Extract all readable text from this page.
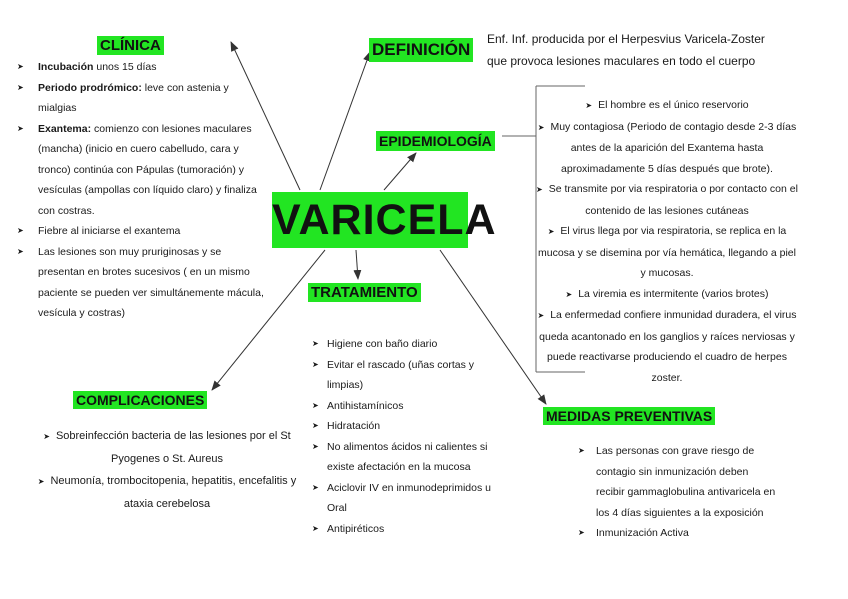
VARICELA
DEFINICIÓN
Enf. Inf. producida por el Herpesvius Varicela-Zoster que provoca lesiones maculares en todo el cuerpo
CLÍNICA
➤ Incubación unos 15 días
➤ Periodo prodrómico: leve con astenia y mialgias
➤ Exantema: comienzo con lesiones maculares (mancha) (inicio en cuero cabelludo, cara y tronco) continúa con Pápulas (tumoración) y vesículas (ampollas con líquido claro) y finaliza con costras.
➤ Fiebre al iniciarse el exantema
➤ Las lesiones son muy pruriginosas y se presentan en brotes sucesivos ( en un mismo paciente se pueden ver simultánemente mácula, vesícula y costras)
EPIDEMIOLOGÍA
➤ El hombre es el único reservorio
➤ Muy contagiosa (Periodo de contagio desde 2-3 días antes de la aparición del Exantema hasta aproximadamente 5 días después que brote).
➤ Se transmite por via respiratoria o por contacto con el contenido de las lesiones cutáneas
➤ El virus llega por via respiratoria, se replica en la mucosa y se disemina por vía hemática, llegando a piel y mucosas.
➤ La viremia es intermitente (varios brotes)
➤ La enfermedad confiere inmunidad duradera, el virus queda acantonado en los ganglios y raíces nerviosas y puede reactivarse produciendo el cuadro de herpes zoster.
TRATAMIENTO
➤ Higiene con baño diario
➤ Evitar el rascado (uñas cortas y limpias)
➤ Antihistamínicos
➤ Hidratación
➤ No alimentos ácidos ni calientes si existe afectación en la mucosa
➤ Aciclovir IV en inmunodeprimidos u Oral
➤ Antipiréticos
COMPLICACIONES
➤ Sobreinfección bacteria de las lesiones por el St Pyogenes o St. Aureus
➤ Neumonía, trombocitopenia, hepatitis, encefalitis y ataxia cerebelosa
MEDIDAS PREVENTIVAS
➤ Las personas con grave riesgo de contagio sin inmunización deben recibir gammaglobulina antivaricela en los 4 días siguientes a la exposición
➤ Inmunización Activa
